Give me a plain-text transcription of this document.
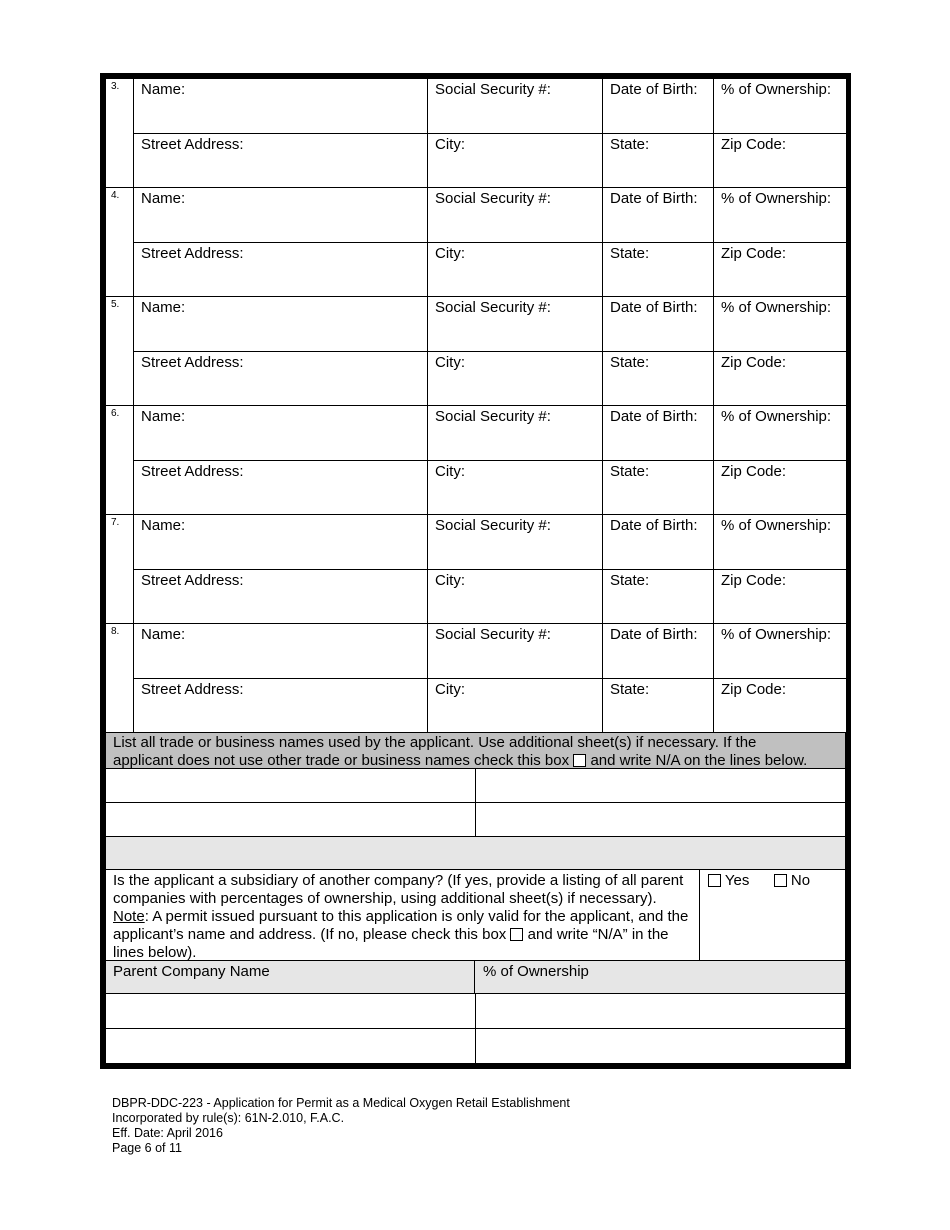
3.	Name:	Social Security #:	Date of Birth:	% of Ownership:
	Street Address:	City:	State:	Zip Code:
4.	Name:	Social Security #:	Date of Birth:	% of Ownership:
	Street Address:	City:	State:	Zip Code:
5.	Name:	Social Security #:	Date of Birth:	% of Ownership:
	Street Address:	City:	State:	Zip Code:
6.	Name:	Social Security #:	Date of Birth:	% of Ownership:
	Street Address:	City:	State:	Zip Code:
7.	Name:	Social Security #:	Date of Birth:	% of Ownership:
	Street Address:	City:	State:	Zip Code:
8.	Name:	Social Security #:	Date of Birth:	% of Ownership:
	Street Address:	City:	State:	Zip Code:
List all trade or business names used by the applicant. Use additional sheet(s) if necessary. If the
applicant does not use other trade or business names check this box and write N/A on the lines below.
Is the applicant a subsidiary of another company? (If yes, provide a listing of all parent companies with percentages of ownership, using additional sheet(s) if necessary). Note: A permit issued pursuant to this application is only valid for the applicant, and the applicant’s name and address. (If no, please check this box and write “N/A” in the lines below).
Yes	No
Parent Company Name	% of Ownership
DBPR-DDC-223 - Application for Permit as a Medical Oxygen Retail Establishment
Incorporated by rule(s): 61N-2.010, F.A.C.
Eff. Date: April 2016
Page 6 of 11
